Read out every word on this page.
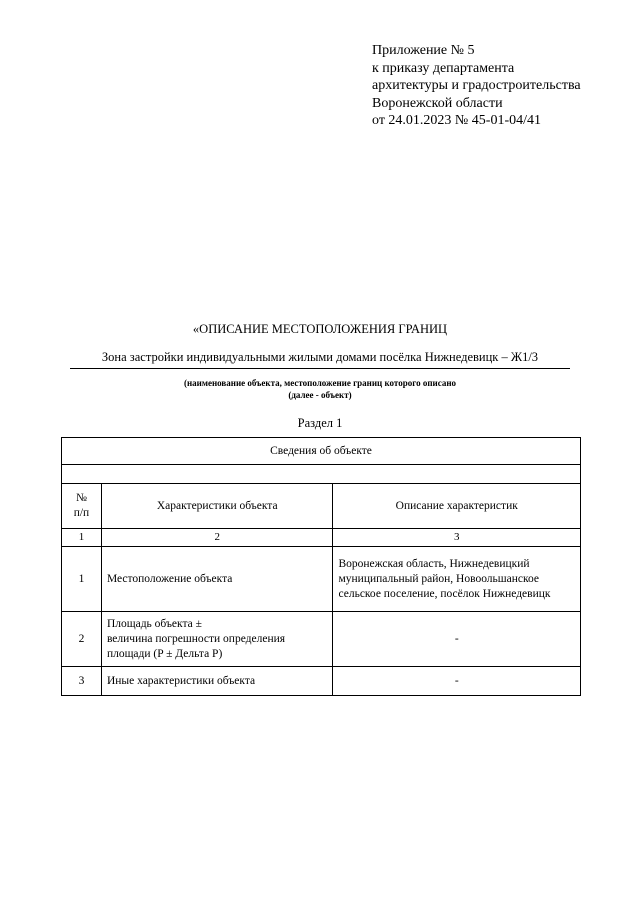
Приложение № 5
к приказу департамента
архитектуры и градостроительства
Воронежской области
от 24.01.2023 № 45-01-04/41
«ОПИСАНИЕ МЕСТОПОЛОЖЕНИЯ ГРАНИЦ
Зона застройки индивидуальными жилыми домами посёлка Нижнедевицк – Ж1/3
(наименование объекта, местоположение границ которого описано
(далее - объект)
Раздел 1
Сведения об объекте		

№
п/п	Характеристики объекта	Описание характеристик
1	2	3
1	Местоположение объекта	Воронежская область, Нижнедевицкий муниципальный район, Новоольшанское сельское поселение, посёлок Нижнедевицк
2	Площадь объекта ±
величина погрешности определения площади (P ± Дельта P)	-
3	Иные характеристики объекта	-
